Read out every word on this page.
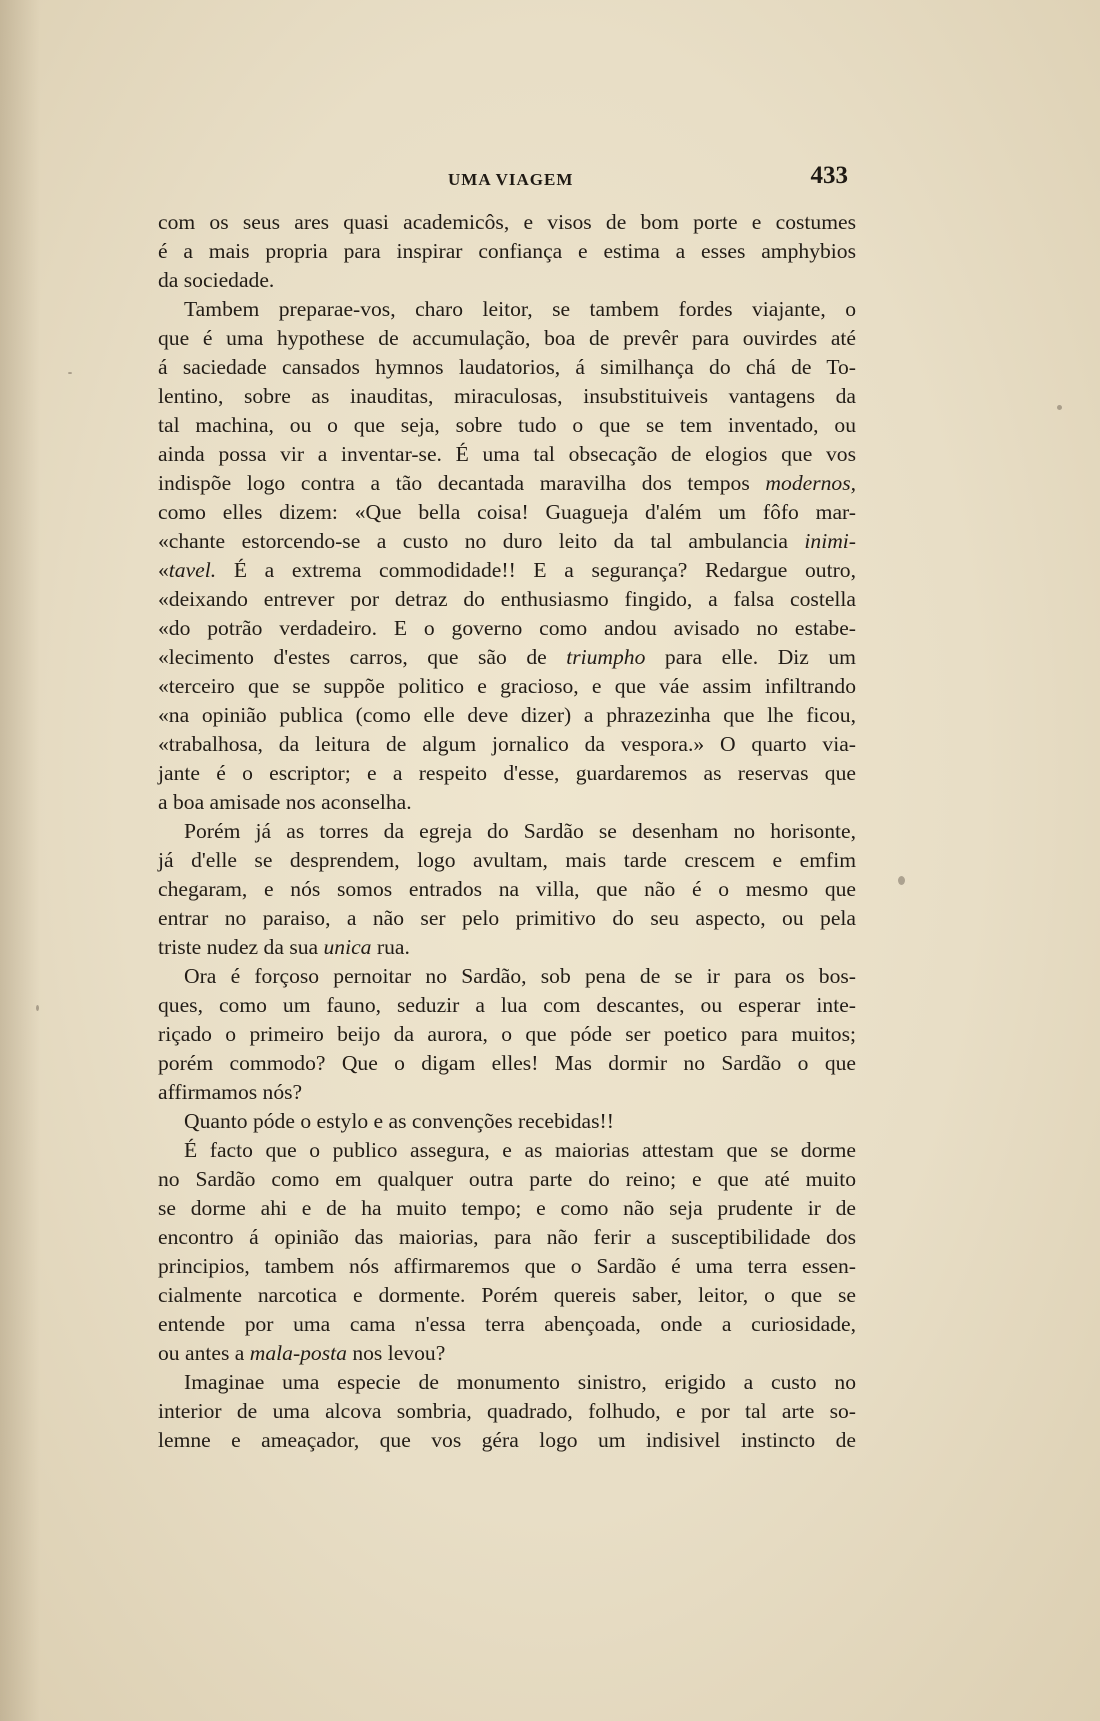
UMA VIAGEM	433
com os seus ares quasi academicôs, e visos de bom porte e costumes
é a mais propria para inspirar confiança e estima a esses amphybios
da sociedade.
Tambem preparae-vos, charo leitor, se tambem fordes viajante, o
que é uma hypothese de accumulação, boa de prevêr para ouvirdes até
á saciedade cansados hymnos laudatorios, á similhança do chá de To-
lentino, sobre as inauditas, miraculosas, insubstituiveis vantagens da
tal machina, ou o que seja, sobre tudo o que se tem inventado, ou
ainda possa vir a inventar-se. É uma tal obsecação de elogios que vos
indispõe logo contra a tão decantada maravilha dos tempos modernos,
como elles dizem: «Que bella coisa! Guagueja d'além um fôfo mar-
«chante estorcendo-se a custo no duro leito da tal ambulancia inimi-
«tavel. É a extrema commodidade!! E a segurança? Redargue outro,
«deixando entrever por detraz do enthusiasmo fingido, a falsa costella
«do potrão verdadeiro. E o governo como andou avisado no estabe-
«lecimento d'estes carros, que são de triumpho para elle. Diz um
«terceiro que se suppõe politico e gracioso, e que váe assim infiltrando
«na opinião publica (como elle deve dizer) a phrazezinha que lhe ficou,
«trabalhosa, da leitura de algum jornalico da vespora.» O quarto via-
jante é o escriptor; e a respeito d'esse, guardaremos as reservas que
a boa amisade nos aconselha.
Porém já as torres da egreja do Sardão se desenham no horisonte,
já d'elle se desprendem, logo avultam, mais tarde crescem e emfim
chegaram, e nós somos entrados na villa, que não é o mesmo que
entrar no paraiso, a não ser pelo primitivo do seu aspecto, ou pela
triste nudez da sua unica rua.
Ora é forçoso pernoitar no Sardão, sob pena de se ir para os bos-
ques, como um fauno, seduzir a lua com descantes, ou esperar inte-
riçado o primeiro beijo da aurora, o que póde ser poetico para muitos;
porém commodo? Que o digam elles! Mas dormir no Sardão o que
affirmamos nós?
Quanto póde o estylo e as convenções recebidas!!
É facto que o publico assegura, e as maiorias attestam que se dorme
no Sardão como em qualquer outra parte do reino; e que até muito
se dorme ahi e de ha muito tempo; e como não seja prudente ir de
encontro á opinião das maiorias, para não ferir a susceptibilidade dos
principios, tambem nós affirmaremos que o Sardão é uma terra essen-
cialmente narcotica e dormente. Porém quereis saber, leitor, o que se
entende por uma cama n'essa terra abençoada, onde a curiosidade,
ou antes a mala-posta nos levou?
Imaginae uma especie de monumento sinistro, erigido a custo no
interior de uma alcova sombria, quadrado, folhudo, e por tal arte so-
lemne e ameaçador, que vos géra logo um indisivel instincto de
